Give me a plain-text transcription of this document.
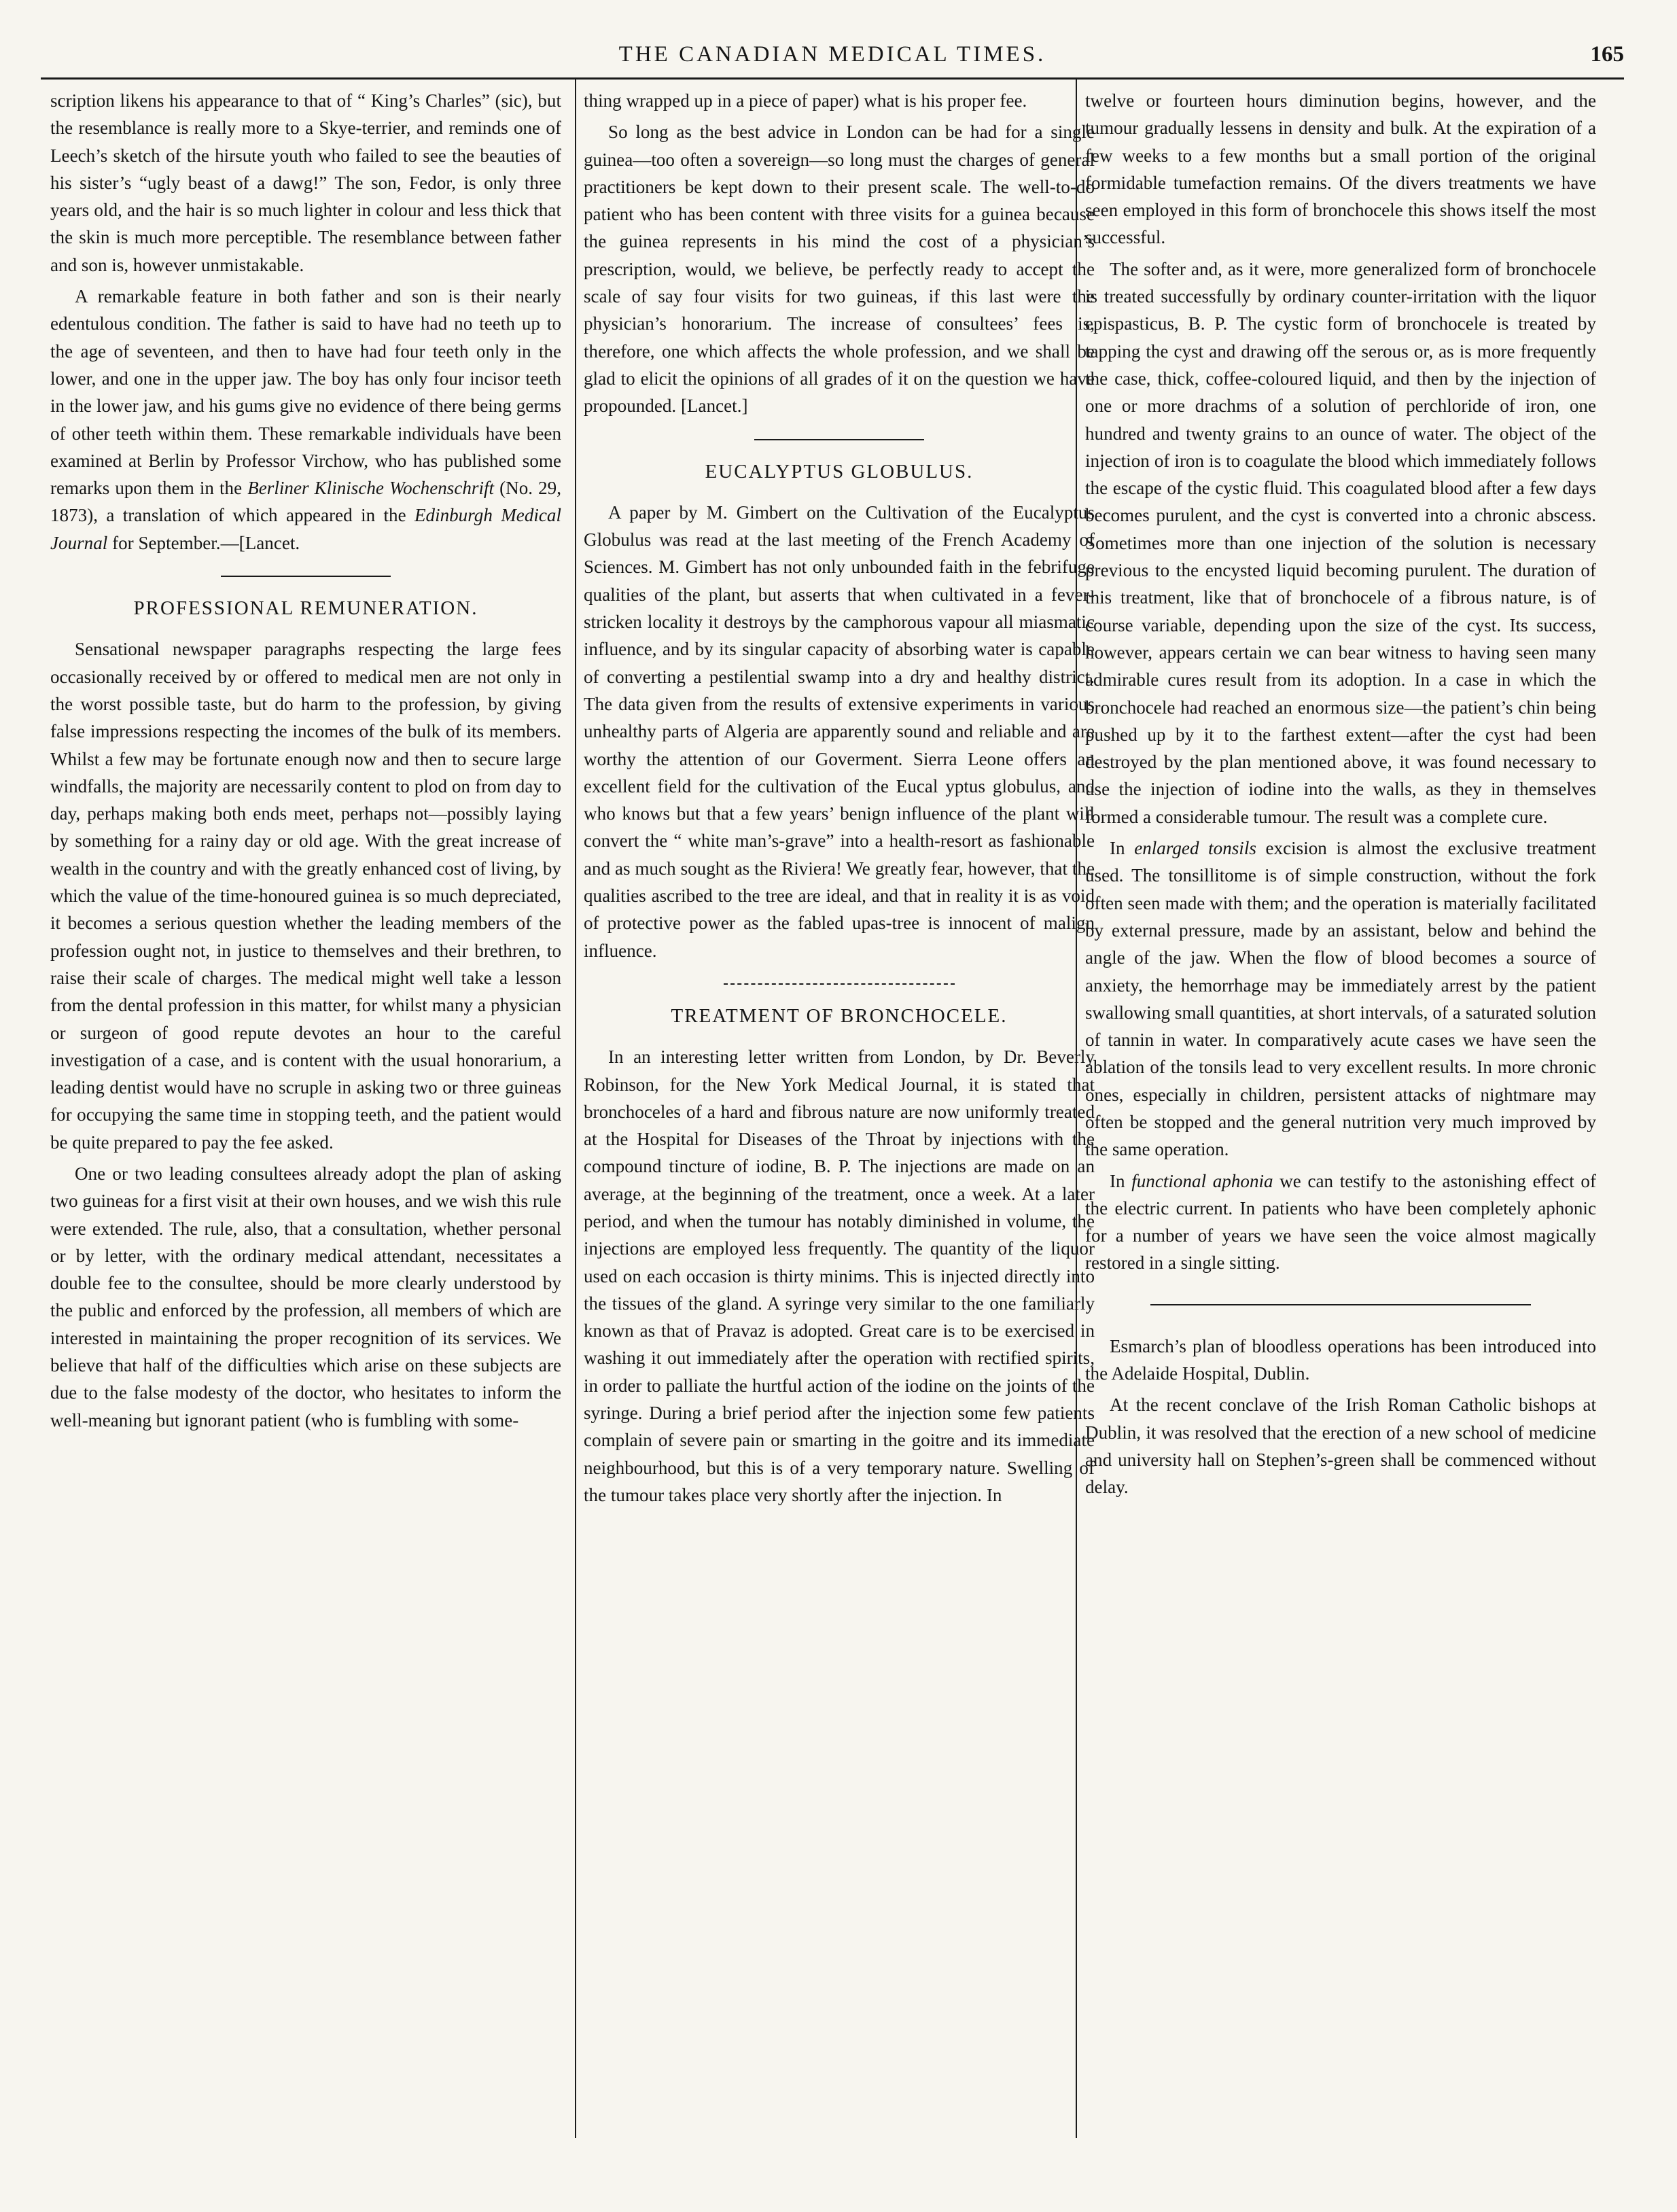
THE CANADIAN MEDICAL TIMES.	165

scription likens his appearance to that of “ King’s Charles” (sic), but the resemblance is really more to a Skye-terrier, and reminds one of Leech’s sketch of the hirsute youth who failed to see the beauties of his sister’s “ugly beast of a dawg!” The son, Fedor, is only three years old, and the hair is so much lighter in colour and less thick that the skin is much more perceptible. The resemblance between father and son is, however unmistakable.

A remarkable feature in both father and son is their nearly edentulous condition. The father is said to have had no teeth up to the age of seventeen, and then to have had four teeth only in the lower, and one in the upper jaw. The boy has only four incisor teeth in the lower jaw, and his gums give no evidence of there being germs of other teeth within them. These remarkable individuals have been examined at Berlin by Professor Virchow, who has published some remarks upon them in the Berliner Klinische Wochenschrift (No. 29, 1873), a translation of which appeared in the Edinburgh Medical Journal for September.—[Lancet.

PROFESSIONAL REMUNERATION.

Sensational newspaper paragraphs respecting the large fees occasionally received by or offered to medical men are not only in the worst possible taste, but do harm to the profession, by giving false impressions respecting the incomes of the bulk of its members. Whilst a few may be fortunate enough now and then to secure large windfalls, the majority are necessarily content to plod on from day to day, perhaps making both ends meet, perhaps not—possibly laying by something for a rainy day or old age. With the great increase of wealth in the country and with the greatly enhanced cost of living, by which the value of the time-honoured guinea is so much depreciated, it becomes a serious question whether the leading members of the profession ought not, in justice to themselves and their brethren, to raise their scale of charges. The medical might well take a lesson from the dental profession in this matter, for whilst many a physician or surgeon of good repute devotes an hour to the careful investigation of a case, and is content with the usual honorarium, a leading dentist would have no scruple in asking two or three guineas for occupying the same time in stopping teeth, and the patient would be quite prepared to pay the fee asked.

One or two leading consultees already adopt the plan of asking two guineas for a first visit at their own houses, and we wish this rule were extended. The rule, also, that a consultation, whether personal or by letter, with the ordinary medical attendant, necessitates a double fee to the consultee, should be more clearly understood by the public and enforced by the profession, all members of which are interested in maintaining the proper recognition of its services. We believe that half of the difficulties which arise on these subjects are due to the false modesty of the doctor, who hesitates to inform the well-meaning but ignorant patient (who is fumbling with some-

thing wrapped up in a piece of paper) what is his proper fee.

So long as the best advice in London can be had for a single guinea—too often a sovereign—so long must the charges of general practitioners be kept down to their present scale. The well-to-do patient who has been content with three visits for a guinea because the guinea represents in his mind the cost of a physician’s prescription, would, we believe, be perfectly ready to accept the scale of say four visits for two guineas, if this last were the physician’s honorarium. The increase of consultees’ fees is, therefore, one which affects the whole profession, and we shall be glad to elicit the opinions of all grades of it on the question we have propounded. [Lancet.]

EUCALYPTUS GLOBULUS.

A paper by M. Gimbert on the Cultivation of the Eucalyptus Globulus was read at the last meeting of the French Academy of Sciences. M. Gimbert has not only unbounded faith in the febrifuge qualities of the plant, but asserts that when cultivated in a fever-stricken locality it destroys by the camphorous vapour all miasmatic influence, and by its singular capacity of absorbing water is capable of converting a pestilential swamp into a dry and healthy district. The data given from the results of extensive experiments in various unhealthy parts of Algeria are apparently sound and reliable and are worthy the attention of our Goverment. Sierra Leone offers an excellent field for the cultivation of the Eucal yptus globulus, and who knows but that a few years’ benign influence of the plant will convert the “ white man’s-grave” into a health-resort as fashionable and as much sought as the Riviera! We greatly fear, however, that the qualities ascribed to the tree are ideal, and that in reality it is as void of protective power as the fabled upas-tree is innocent of malign influence.

TREATMENT OF BRONCHOCELE.

In an interesting letter written from London, by Dr. Beverly Robinson, for the New York Medical Journal, it is stated that bronchoceles of a hard and fibrous nature are now uniformly treated at the Hospital for Diseases of the Throat by injections with the compound tincture of iodine, B. P. The injections are made on an average, at the beginning of the treatment, once a week. At a later period, and when the tumour has notably diminished in volume, the injections are employed less frequently. The quantity of the liquor used on each occasion is thirty minims. This is injected directly into the tissues of the gland. A syringe very similar to the one familiarly known as that of Pravaz is adopted. Great care is to be exercised in washing it out immediately after the operation with rectified spirits, in order to palliate the hurtful action of the iodine on the joints of the syringe. During a brief period after the injection some few patients complain of severe pain or smarting in the goitre and its immediate neighbourhood, but this is of a very temporary nature. Swelling of the tumour takes place very shortly after the injection. In

twelve or fourteen hours diminution begins, however, and the tumour gradually lessens in density and bulk. At the expiration of a few weeks to a few months but a small portion of the original formidable tumefaction remains. Of the divers treatments we have seen employed in this form of bronchocele this shows itself the most successful.

The softer and, as it were, more generalized form of bronchocele is treated successfully by ordinary counter-irritation with the liquor epispasticus, B. P. The cystic form of bronchocele is treated by tapping the cyst and drawing off the serous or, as is more frequently the case, thick, coffee-coloured liquid, and then by the injection of one or more drachms of a solution of perchloride of iron, one hundred and twenty grains to an ounce of water. The object of the injection of iron is to coagulate the blood which immediately follows the escape of the cystic fluid. This coagulated blood after a few days becomes purulent, and the cyst is converted into a chronic abscess. Sometimes more than one injection of the solution is necessary previous to the encysted liquid becoming purulent. The duration of this treatment, like that of bronchocele of a fibrous nature, is of course variable, depending upon the size of the cyst. Its success, however, appears certain we can bear witness to having seen many admirable cures result from its adoption. In a case in which the bronchocele had reached an enormous size—the patient’s chin being pushed up by it to the farthest extent—after the cyst had been destroyed by the plan mentioned above, it was found necessary to use the injection of iodine into the walls, as they in themselves formed a considerable tumour. The result was a complete cure.

In enlarged tonsils excision is almost the exclusive treatment used. The tonsillitome is of simple construction, without the fork often seen made with them; and the operation is materially facilitated by external pressure, made by an assistant, below and behind the angle of the jaw. When the flow of blood becomes a source of anxiety, the hemorrhage may be immediately arrest by the patient swallowing small quantities, at short intervals, of a saturated solution of tannin in water. In comparatively acute cases we have seen the ablation of the tonsils lead to very excellent results. In more chronic ones, especially in children, persistent attacks of nightmare may often be stopped and the general nutrition very much improved by the same operation.

In functional aphonia we can testify to the astonishing effect of the electric current. In patients who have been completely aphonic for a number of years we have seen the voice almost magically restored in a single sitting.

Esmarch’s plan of bloodless operations has been introduced into the Adelaide Hospital, Dublin.

At the recent conclave of the Irish Roman Catholic bishops at Dublin, it was resolved that the erection of a new school of medicine and university hall on Stephen’s-green shall be commenced without delay.
